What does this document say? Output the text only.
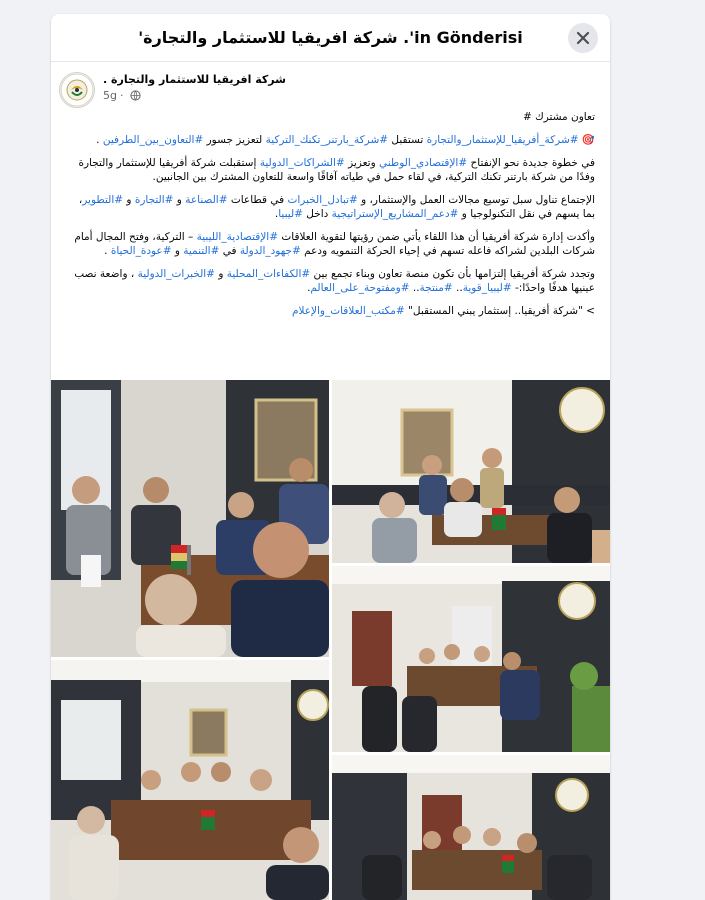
'شركة افريقيا للاستثمار والتجارة .'in Gönderisi
شركة افريقيا للاستثمار والتجارة .
5g ·

تعاون مشترك #

🎯 #شركة_أفريقيا_للإستثمار_والتجارة تستقبل #شركة_بارتنر_تكنك_التركية لتعزيز جسور #التعاون_بين_الطرفين .

في خطوة جديدة نحو الإنفتاح #الإقتصادي_الوطني وتعزيز #الشراكات_الدولية إستقبلت شركة أفريقيا للإستثمار والتجارة وفدًا من شركة بارتنر تكنك التركية، في لقاء حمل في طياته آفاقًا واسعة للتعاون المشترك بين الجانبين.

الإجتماع تناول سبل توسيع مجالات العمل والإستثمار، و #تبادل_الخبرات في قطاعات #الصناعة و #التجارة و #التطوير، بما يسهم في نقل التكنولوجيا و #دعم_المشاريع_الإستراتيجية داخل #ليبيا.

وأكدت إدارة شركة أفريقيا أن هذا اللقاء يأتي ضمن رؤيتها لتقوية العلاقات #الإقتصادية_الليبية – التركية، وفتح المجال أمام شركات البلدين لشراكه فاعله تسهم في إحياء الحركة التنمويه ودعم #جهود_الدولة في #التنمية و #عودة_الحياة .

وتجدد شركة أفريقيا إلتزامها بأن تكون منصة تعاون وبناء تجمع بين #الكفاءات_المحلية و #الخبرات_الدولية ، واضعة نصب عينيها هدفًا واحدًا:- #ليبيا_قوية.. #منتجة.. #ومفتوحة_على_العالم.

> "شركة أفريقيا.. إستثمار يبني المستقبل" #مكتب_العلاقات_والإعلام
